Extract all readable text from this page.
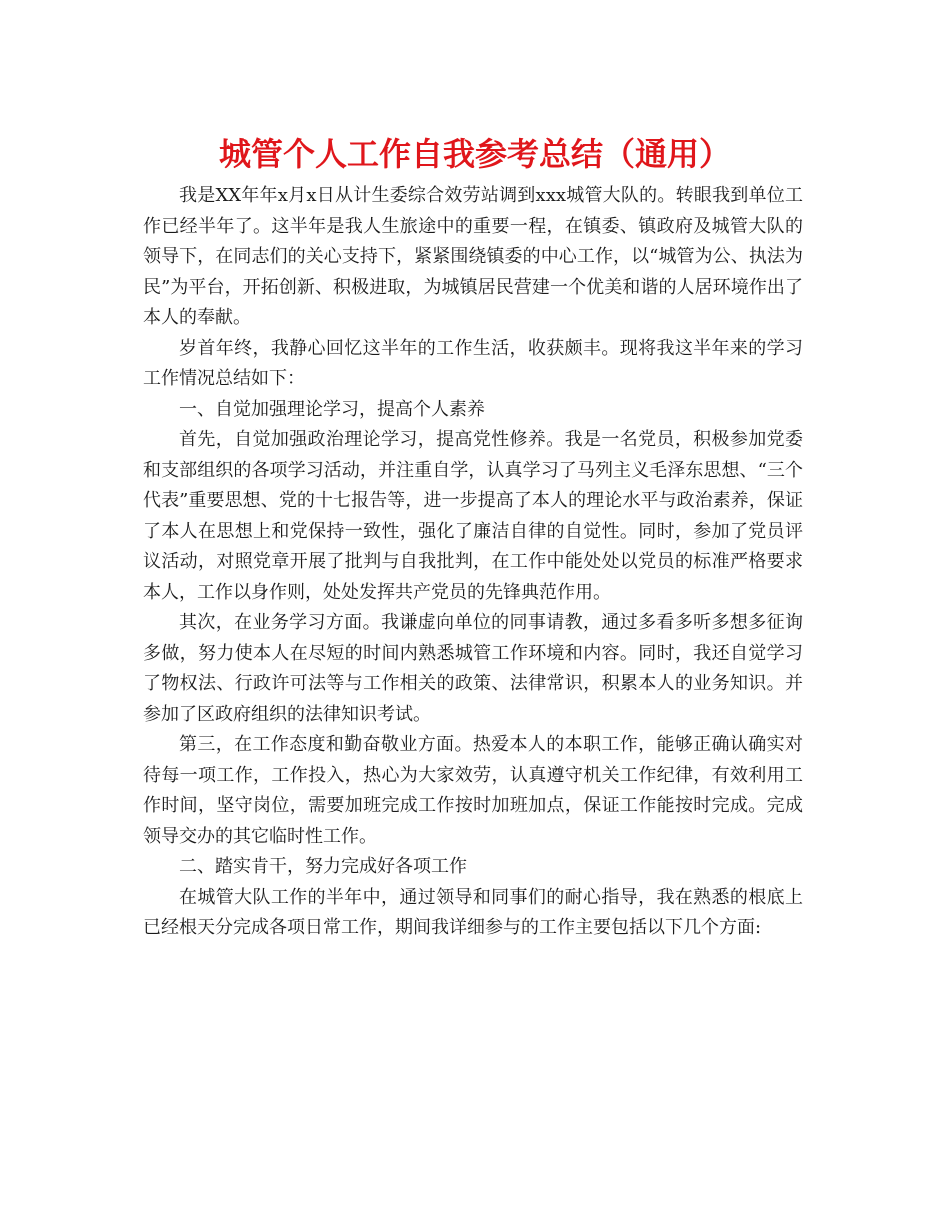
城管个人工作自我参考总结（通用）

我是XX年年x月x日从计生委综合效劳站调到xxx城管大队的。转眼我到单位工作已经半年了。这半年是我人生旅途中的重要一程，在镇委、镇政府及城管大队的领导下，在同志们的关心支持下，紧紧围绕镇委的中心工作，以“城管为公、执法为民”为平台，开拓创新、积极进取，为城镇居民营建一个优美和谐的人居环境作出了本人的奉献。

岁首年终，我静心回忆这半年的工作生活，收获颇丰。现将我这半年来的学习工作情况总结如下：

一、自觉加强理论学习，提高个人素养

首先，自觉加强政治理论学习，提高党性修养。我是一名党员，积极参加党委和支部组织的各项学习活动，并注重自学，认真学习了马列主义毛泽东思想、“三个代表”重要思想、党的十七报告等，进一步提高了本人的理论水平与政治素养，保证了本人在思想上和党保持一致性，强化了廉洁自律的自觉性。同时，参加了党员评议活动，对照党章开展了批判与自我批判，在工作中能处处以党员的标准严格要求本人，工作以身作则，处处发挥共产党员的先锋典范作用。

其次，在业务学习方面。我谦虚向单位的同事请教，通过多看多听多想多征询多做，努力使本人在尽短的时间内熟悉城管工作环境和内容。同时，我还自觉学习了物权法、行政许可法等与工作相关的政策、法律常识，积累本人的业务知识。并参加了区政府组织的法律知识考试。

第三，在工作态度和勤奋敬业方面。热爱本人的本职工作，能够正确认确实对待每一项工作，工作投入，热心为大家效劳，认真遵守机关工作纪律，有效利用工作时间，坚守岗位，需要加班完成工作按时加班加点，保证工作能按时完成。完成领导交办的其它临时性工作。

二、踏实肯干，努力完成好各项工作

在城管大队工作的半年中，通过领导和同事们的耐心指导，我在熟悉的根底上已经根天分完成各项日常工作，期间我详细参与的工作主要包括以下几个方面:
